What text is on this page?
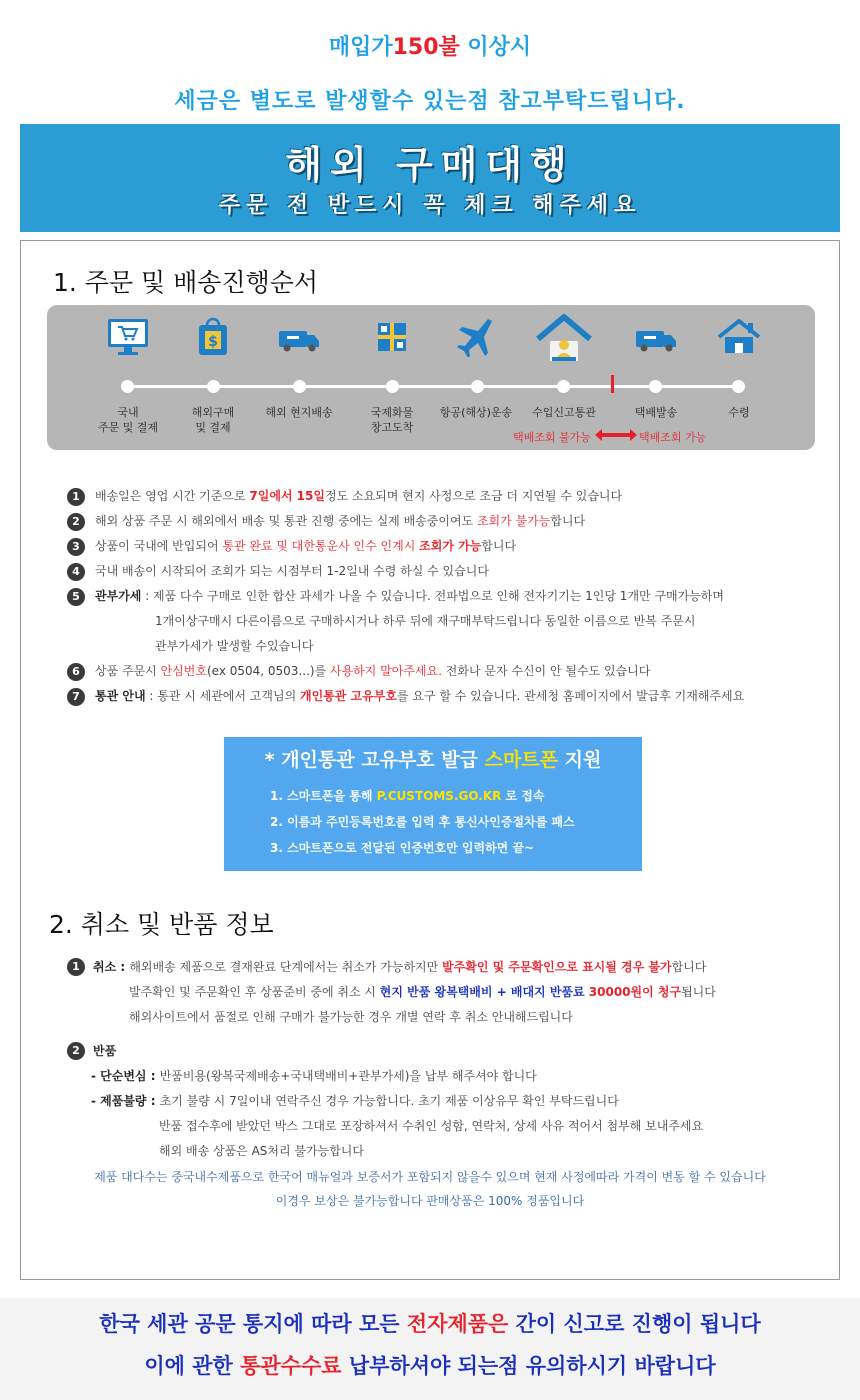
매입가150불 이상시
세금은 별도로 발생할수 있는점 참고부탁드립니다.
해외 구매대행
주문 전 반드시 꼭 체크 해주세요
1. 주문 및 배송진행순서
국내
주문 및 결제
$
해외구매
및 결제
해외 현지배송	국제화물
창고도착
항공(해상)운송	수입신고통관	택배발송	수령

택배조회 불가능	택배조회 가능
1	배송일은 영업 시간 기준으로 7일에서 15일정도 소요되며 현지 사정으로 조금 더 지연될 수 있습니다
2	해외 상품 주문 시 해외에서 배송 및 통관 진행 중에는 실제 배송중이여도 조회가 불가능합니다
3	상품이 국내에 반입되어 통관 완료 및 대한통운사 인수 인계시 조회가 가능합니다
4	국내 배송이 시작되어 조회가 되는 시점부터 1-2일내 수령 하실 수 있습니다
5	관부가세 : 제품 다수 구매로 인한 합산 과세가 나올 수 있습니다. 전파법으로 인해 전자기기는 1인당 1개만 구매가능하며
1개이상구매시 다른이름으로 구매하시거나 하루 뒤에 재구매부탁드립니다 동일한 이름으로 반복 주문시
관부가세가 발생할 수있습니다
6	상품 주문시 안심번호(ex 0504, 0503...)를 사용하지 말아주세요. 전화나 문자 수신이 안 될수도 있습니다
7	통관 안내 : 통관 시 세관에서 고객님의 개인통관 고유부호를 요구 할 수 있습니다. 관세청 홈페이지에서 발급후 기재해주세요
* 개인통관 고유부호 발급 스마트폰 지원
1. 스마트폰을 통해 P.CUSTOMS.GO.KR 로 접속
2. 이름과 주민등록번호를 입력 후 통신사인증절차를 패스
3. 스마트폰으로 전달된 인증번호만 입력하면 끝~
2. 취소 및 반품 정보
1	취소 : 해외배송 제품으로 결재완료 단계에서는 취소가 가능하지만 발주확인 및 주문확인으로 표시될 경우 불가합니다
발주확인 및 주문확인 후 상품준비 중에 취소 시 현지 반품 왕복택배비 + 배대지 반품료 30000원이 청구됩니다
해외사이트에서 품절로 인해 구매가 불가능한 경우 개별 연락 후 취소 안내해드립니다
2	반품
- 단순변심 : 반품비용(왕복국제배송+국내택배비+관부가세)을 납부 해주셔야 합니다
- 제품불량 : 초기 불량 시 7일이내 연락주신 경우 가능합니다. 초기 제품 이상유무 확인 부탁드립니다
반품 접수후에 받았던 박스 그대로 포장하셔서 수취인 성함, 연락처, 상세 사유 적어서 첨부해 보내주세요
해외 배송 상품은 AS처리 불가능합니다
제품 대다수는 중국내수제품으로 한국어 매뉴얼과 보증서가 포함되지 않을수 있으며 현재 사정에따라 가격이 변동 할 수 있습니다
이경우 보상은 불가능합니다 판매상품은 100% 정품입니다
한국 세관 공문 통지에 따라 모든 전자제품은 간이 신고로 진행이 됩니다
이에 관한 통관수수료 납부하셔야 되는점 유의하시기 바랍니다
